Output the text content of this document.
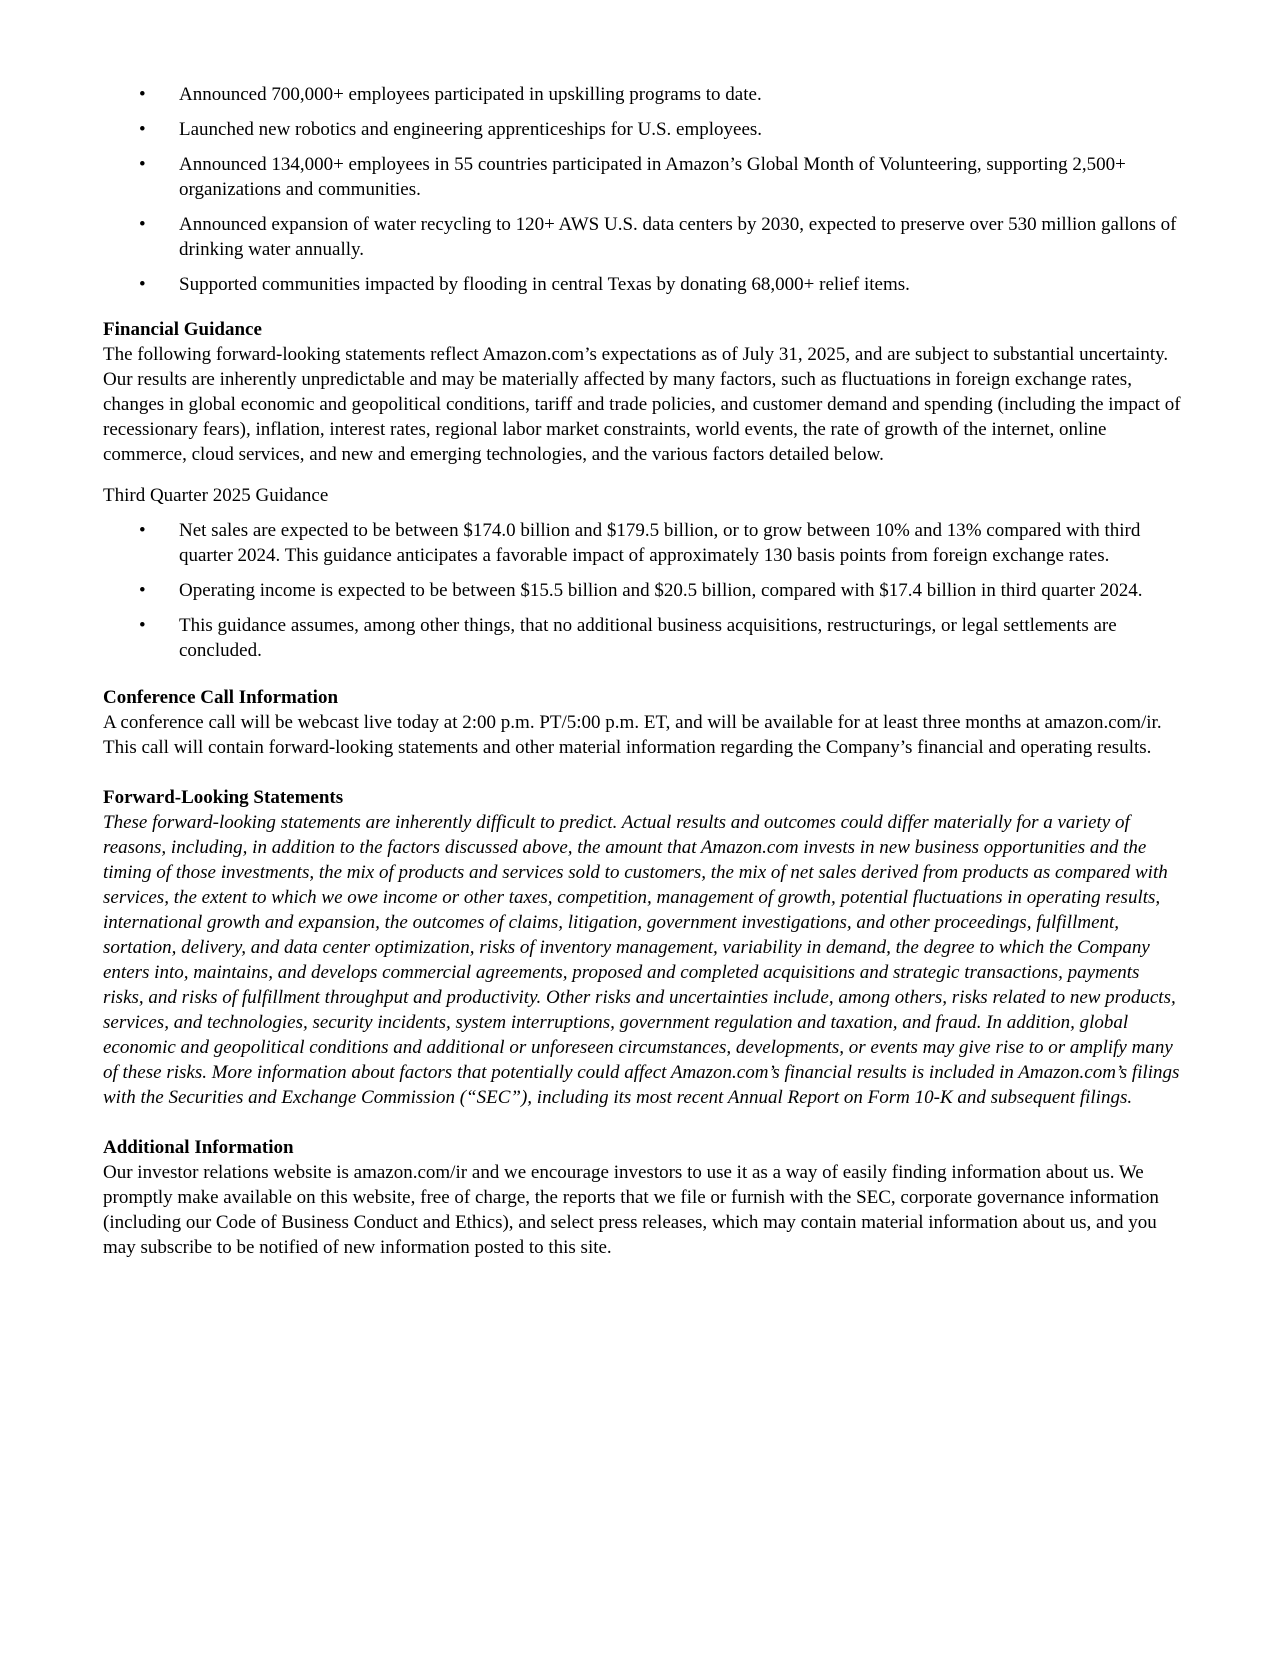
• Announced 700,000+ employees participated in upskilling programs to date.
• Launched new robotics and engineering apprenticeships for U.S. employees.
• Announced 134,000+ employees in 55 countries participated in Amazon’s Global Month of Volunteering, supporting 2,500+ organizations and communities.
• Announced expansion of water recycling to 120+ AWS U.S. data centers by 2030, expected to preserve over 530 million gallons of drinking water annually.
• Supported communities impacted by flooding in central Texas by donating 68,000+ relief items.

Financial Guidance

The following forward-looking statements reflect Amazon.com’s expectations as of July 31, 2025, and are subject to substantial uncertainty. Our results are inherently unpredictable and may be materially affected by many factors, such as fluctuations in foreign exchange rates, changes in global economic and geopolitical conditions, tariff and trade policies, and customer demand and spending (including the impact of recessionary fears), inflation, interest rates, regional labor market constraints, world events, the rate of growth of the internet, online commerce, cloud services, and new and emerging technologies, and the various factors detailed below.

Third Quarter 2025 Guidance

• Net sales are expected to be between $174.0 billion and $179.5 billion, or to grow between 10% and 13% compared with third quarter 2024. This guidance anticipates a favorable impact of approximately 130 basis points from foreign exchange rates.
• Operating income is expected to be between $15.5 billion and $20.5 billion, compared with $17.4 billion in third quarter 2024.
• This guidance assumes, among other things, that no additional business acquisitions, restructurings, or legal settlements are concluded.

Conference Call Information

A conference call will be webcast live today at 2:00 p.m. PT/5:00 p.m. ET, and will be available for at least three months at amazon.com/ir. This call will contain forward-looking statements and other material information regarding the Company’s financial and operating results.

Forward-Looking Statements

These forward-looking statements are inherently difficult to predict. Actual results and outcomes could differ materially for a variety of reasons, including, in addition to the factors discussed above, the amount that Amazon.com invests in new business opportunities and the timing of those investments, the mix of products and services sold to customers, the mix of net sales derived from products as compared with services, the extent to which we owe income or other taxes, competition, management of growth, potential fluctuations in operating results, international growth and expansion, the outcomes of claims, litigation, government investigations, and other proceedings, fulfillment, sortation, delivery, and data center optimization, risks of inventory management, variability in demand, the degree to which the Company enters into, maintains, and develops commercial agreements, proposed and completed acquisitions and strategic transactions, payments risks, and risks of fulfillment throughput and productivity. Other risks and uncertainties include, among others, risks related to new products, services, and technologies, security incidents, system interruptions, government regulation and taxation, and fraud. In addition, global economic and geopolitical conditions and additional or unforeseen circumstances, developments, or events may give rise to or amplify many of these risks. More information about factors that potentially could affect Amazon.com’s financial results is included in Amazon.com’s filings with the Securities and Exchange Commission (“SEC”), including its most recent Annual Report on Form 10-K and subsequent filings.

Additional Information

Our investor relations website is amazon.com/ir and we encourage investors to use it as a way of easily finding information about us. We promptly make available on this website, free of charge, the reports that we file or furnish with the SEC, corporate governance information (including our Code of Business Conduct and Ethics), and select press releases, which may contain material information about us, and you may subscribe to be notified of new information posted to this site.
